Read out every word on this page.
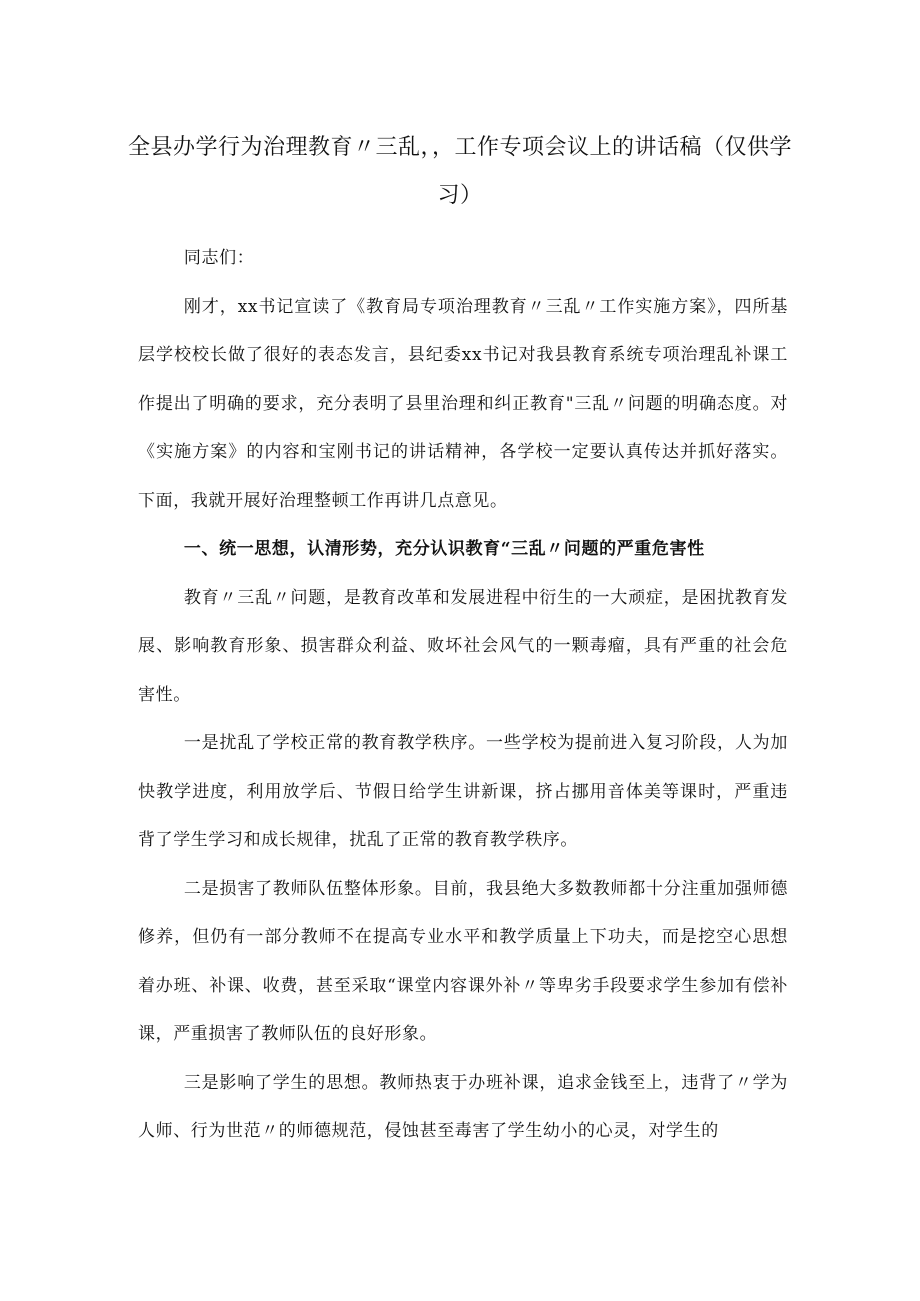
全县办学行为治理教育〃三乱，，工作专项会议上的讲话稿（仅供学习）

同志们：

刚才，xx书记宣读了《教育局专项治理教育〃三乱〃工作实施方案》，四所基层学校校长做了很好的表态发言，县纪委xx书记对我县教育系统专项治理乱补课工作提出了明确的要求，充分表明了县里治理和纠正教育"三乱〃问题的明确态度。对《实施方案》的内容和宝刚书记的讲话精神，各学校一定要认真传达并抓好落实。下面，我就开展好治理整顿工作再讲几点意见。

一、统一思想，认清形势，充分认识教育“三乱〃问题的严重危害性

教育〃三乱〃问题，是教育改革和发展进程中衍生的一大顽症，是困扰教育发展、影响教育形象、损害群众利益、败坏社会风气的一颗毒瘤，具有严重的社会危害性。

一是扰乱了学校正常的教育教学秩序。一些学校为提前进入复习阶段，人为加快教学进度，利用放学后、节假日给学生讲新课，挤占挪用音体美等课时，严重违背了学生学习和成长规律，扰乱了正常的教育教学秩序。

二是损害了教师队伍整体形象。目前，我县绝大多数教师都十分注重加强师德修养，但仍有一部分教师不在提高专业水平和教学质量上下功夫，而是挖空心思想着办班、补课、收费，甚至采取“课堂内容课外补〃等卑劣手段要求学生参加有偿补课，严重损害了教师队伍的良好形象。

三是影响了学生的思想。教师热衷于办班补课，追求金钱至上，违背了〃学为人师、行为世范〃的师德规范，侵蚀甚至毒害了学生幼小的心灵，对学生的
